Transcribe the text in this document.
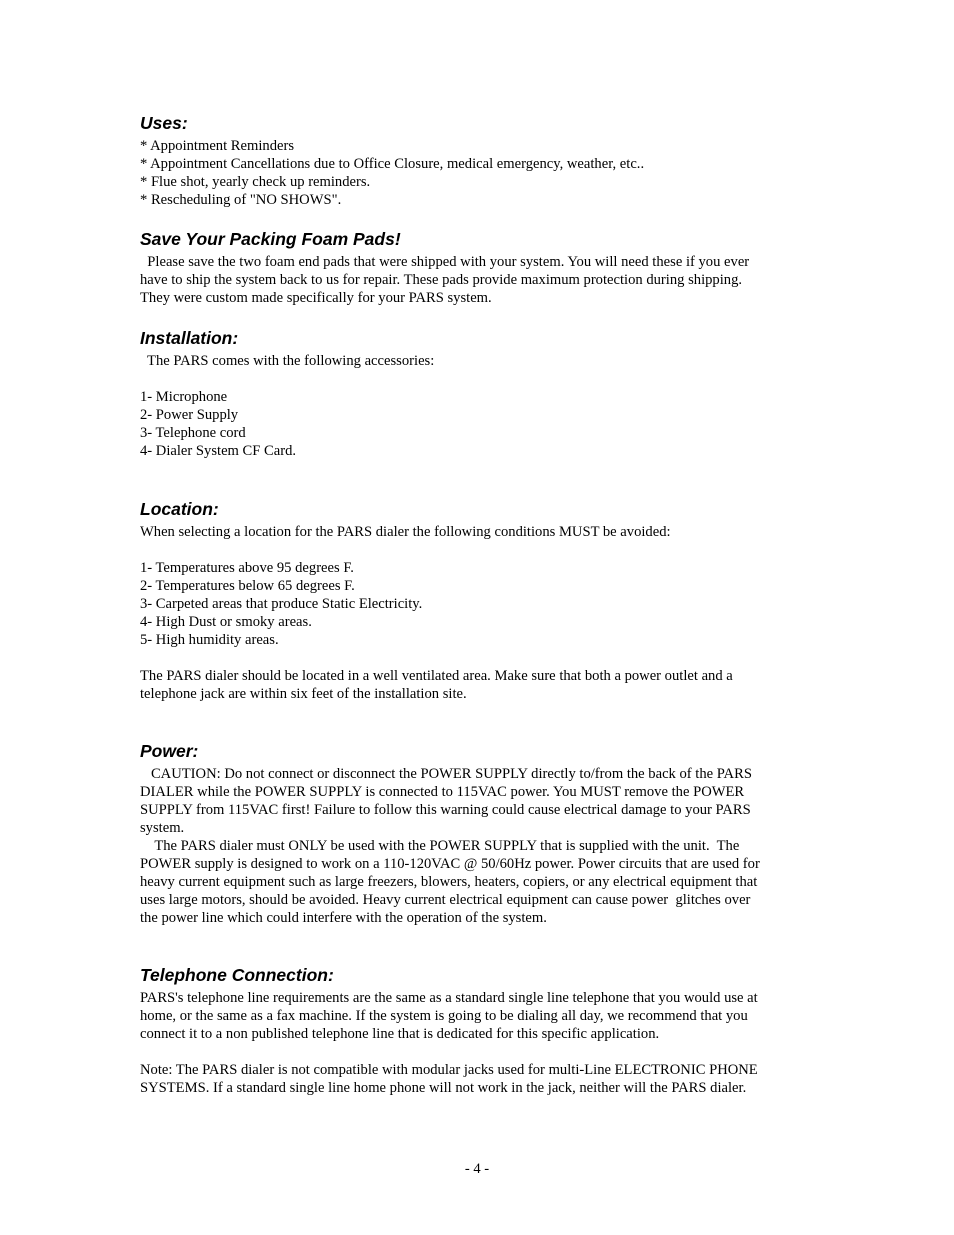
Uses:
* Appointment Reminders
* Appointment Cancellations due to Office Closure, medical emergency, weather, etc..
* Flue shot, yearly check up reminders.
* Rescheduling of "NO SHOWS".
Save Your Packing Foam Pads!
Please save the two foam end pads that were shipped with your system. You will need these if you ever
have to ship the system back to us for repair. These pads provide maximum protection during shipping.
They were custom made specifically for your PARS system.
Installation:
The PARS comes with the following accessories:

1- Microphone
2- Power Supply
3- Telephone cord
4- Dialer System CF Card.
Location:
When selecting a location for the PARS dialer the following conditions MUST be avoided:

1- Temperatures above 95 degrees F.
2- Temperatures below 65 degrees F.
3- Carpeted areas that produce Static Electricity.
4- High Dust or smoky areas.
5- High humidity areas.

The PARS dialer should be located in a well ventilated area. Make sure that both a power outlet and a
telephone jack are within six feet of the installation site.
Power:
CAUTION: Do not connect or disconnect the POWER SUPPLY directly to/from the back of the PARS
DIALER while the POWER SUPPLY is connected to 115VAC power. You MUST remove the POWER
SUPPLY from 115VAC first! Failure to follow this warning could cause electrical damage to your PARS
system.
The PARS dialer must ONLY be used with the POWER SUPPLY that is supplied with the unit.  The
POWER supply is designed to work on a 110-120VAC @ 50/60Hz power. Power circuits that are used for
heavy current equipment such as large freezers, blowers, heaters, copiers, or any electrical equipment that
uses large motors, should be avoided. Heavy current electrical equipment can cause power  glitches over
the power line which could interfere with the operation of the system.
Telephone Connection:
PARS's telephone line requirements are the same as a standard single line telephone that you would use at
home, or the same as a fax machine. If the system is going to be dialing all day, we recommend that you
connect it to a non published telephone line that is dedicated for this specific application.

Note: The PARS dialer is not compatible with modular jacks used for multi-Line ELECTRONIC PHONE
SYSTEMS. If a standard single line home phone will not work in the jack, neither will the PARS dialer.
- 4 -
